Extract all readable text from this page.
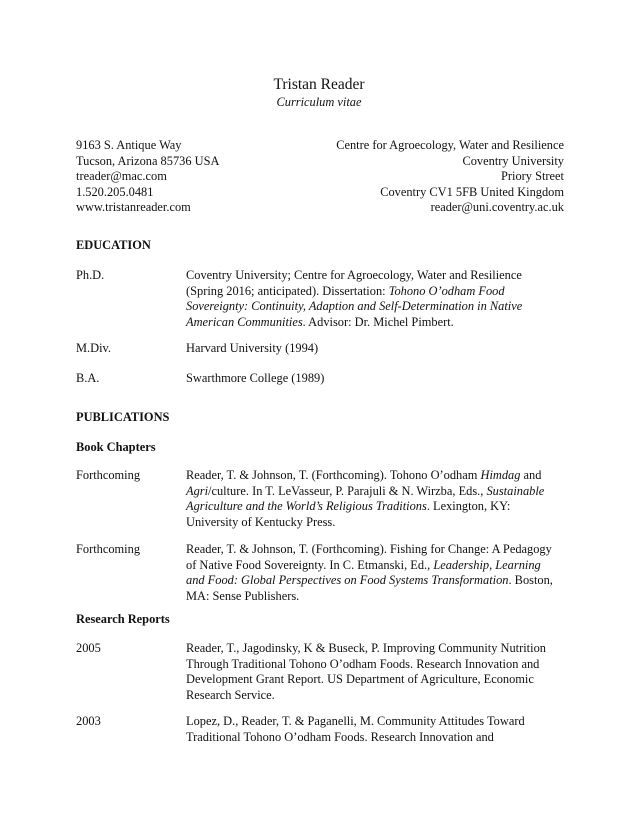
Tristan Reader
Curriculum vitae
9163 S. Antique Way
Tucson, Arizona 85736 USA
treader@mac.com
1.520.205.0481
www.tristanreader.com
Centre for Agroecology, Water and Resilience
Coventry University
Priory Street
Coventry CV1 5FB United Kingdom
reader@uni.coventry.ac.uk
EDUCATION
Ph.D.	Coventry University; Centre for Agroecology, Water and Resilience
(Spring 2016; anticipated). Dissertation: Tohono O’odham Food
Sovereignty: Continuity, Adaption and Self-Determination in Native
American Communities. Advisor: Dr. Michel Pimbert.
M.Div.	Harvard University (1994)
B.A.	Swarthmore College (1989)
PUBLICATIONS
Book Chapters
Forthcoming	Reader, T. & Johnson, T. (Forthcoming). Tohono O’odham Himdag and
Agri/culture. In T. LeVasseur, P. Parajuli & N. Wirzba, Eds., Sustainable
Agriculture and the World’s Religious Traditions. Lexington, KY:
University of Kentucky Press.
Forthcoming	Reader, T. & Johnson, T. (Forthcoming). Fishing for Change: A Pedagogy
of Native Food Sovereignty. In C. Etmanski, Ed., Leadership, Learning
and Food: Global Perspectives on Food Systems Transformation. Boston,
MA: Sense Publishers.
Research Reports
2005	Reader, T., Jagodinsky, K & Buseck, P. Improving Community Nutrition
Through Traditional Tohono O’odham Foods. Research Innovation and
Development Grant Report. US Department of Agriculture, Economic
Research Service.
2003	Lopez, D., Reader, T. & Paganelli, M. Community Attitudes Toward
Traditional Tohono O’odham Foods. Research Innovation and
